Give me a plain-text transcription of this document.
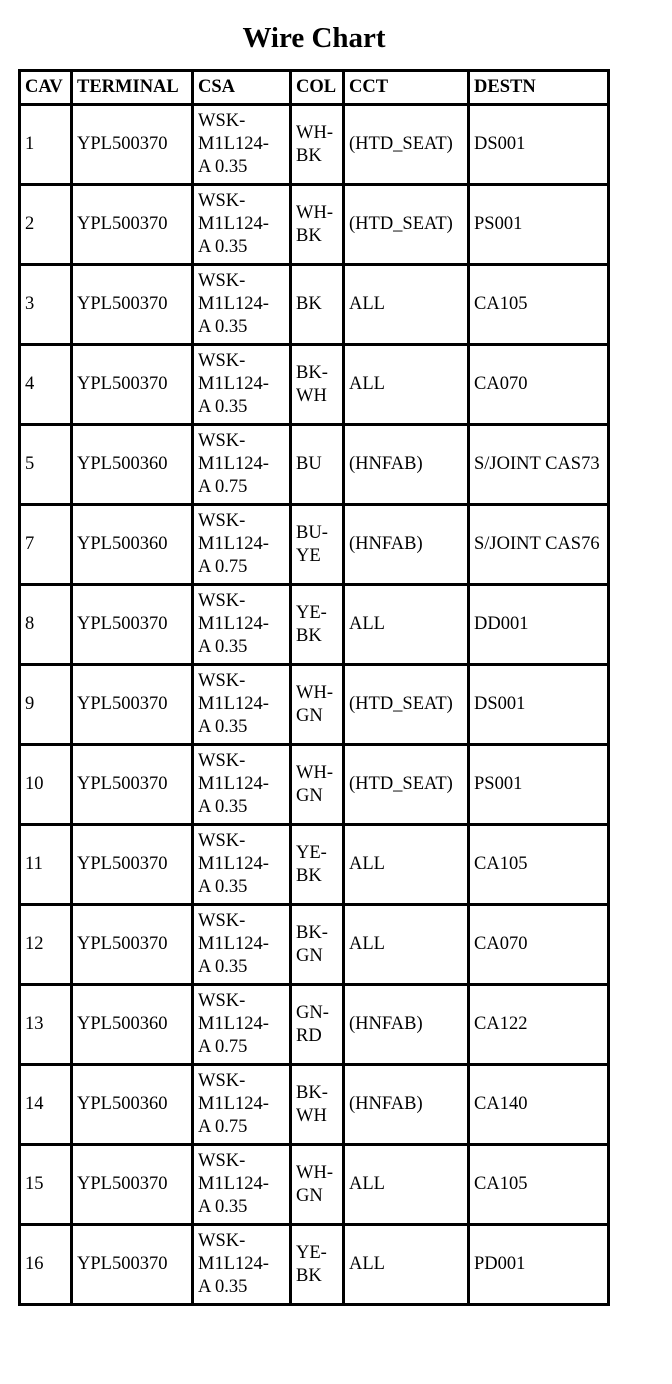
Wire Chart
CAV	TERMINAL	CSA	COL	CCT	DESTN
1	YPL500370	WSK-
M1L124-
A 0.35	WH-BK	(HTD_SEAT)	DS001
2	YPL500370	WSK-
M1L124-
A 0.35	WH-BK	(HTD_SEAT)	PS001
3	YPL500370	WSK-
M1L124-
A 0.35	BK	ALL	CA105
4	YPL500370	WSK-
M1L124-
A 0.35	BK-WH	ALL	CA070
5	YPL500360	WSK-
M1L124-
A 0.75	BU	(HNFAB)	S/JOINT CAS73
7	YPL500360	WSK-
M1L124-
A 0.75	BU-YE	(HNFAB)	S/JOINT CAS76
8	YPL500370	WSK-
M1L124-
A 0.35	YE-BK	ALL	DD001
9	YPL500370	WSK-
M1L124-
A 0.35	WH-GN	(HTD_SEAT)	DS001
10	YPL500370	WSK-
M1L124-
A 0.35	WH-GN	(HTD_SEAT)	PS001
11	YPL500370	WSK-
M1L124-
A 0.35	YE-BK	ALL	CA105
12	YPL500370	WSK-
M1L124-
A 0.35	BK-GN	ALL	CA070
13	YPL500360	WSK-
M1L124-
A 0.75	GN-RD	(HNFAB)	CA122
14	YPL500360	WSK-
M1L124-
A 0.75	BK-WH	(HNFAB)	CA140
15	YPL500370	WSK-
M1L124-
A 0.35	WH-GN	ALL	CA105
16	YPL500370	WSK-
M1L124-
A 0.35	YE-BK	ALL	PD001
